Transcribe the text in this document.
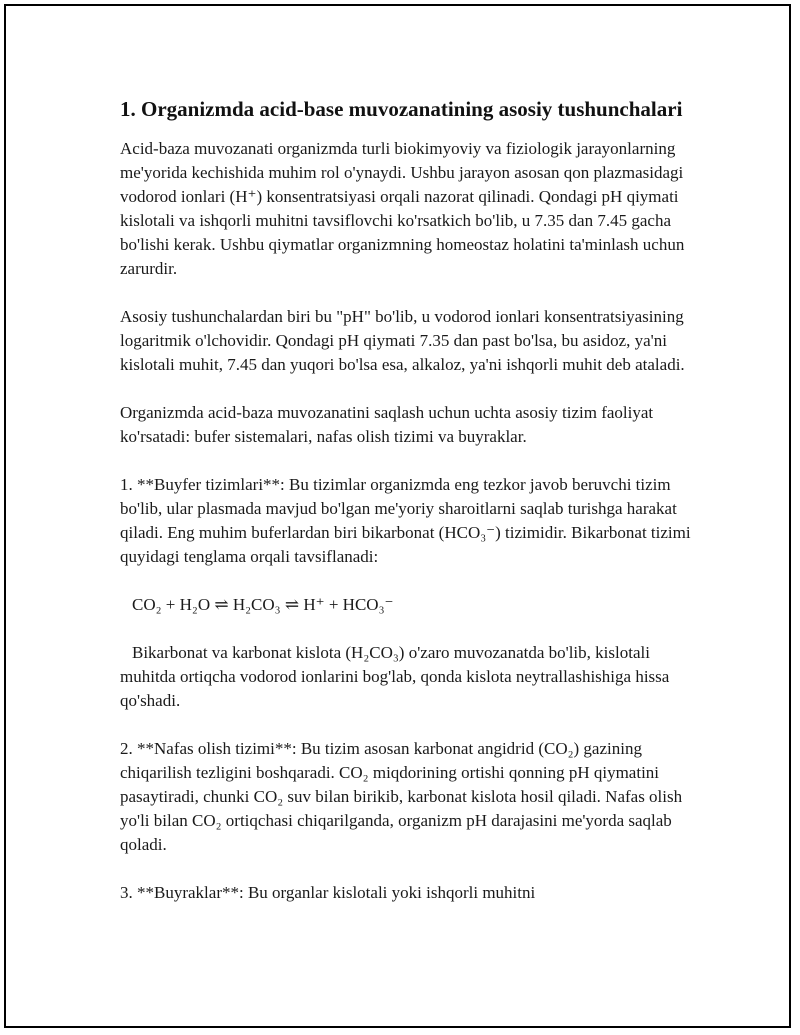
1. Organizmda acid-base muvozanatining asosiy tushunchalari

Acid-baza muvozanati organizmda turli biokimyoviy va fiziologik jarayonlarning me'yorida kechishida muhim rol o'ynaydi. Ushbu jarayon asosan qon plazmasidagi vodorod ionlari (H⁺) konsentratsiyasi orqali nazorat qilinadi. Qondagi pH qiymati kislotali va ishqorli muhitni tavsiflovchi ko'rsatkich bo'lib, u 7.35 dan 7.45 gacha bo'lishi kerak. Ushbu qiymatlar organizmning homeostaz holatini ta'minlash uchun zarurdir.

Asosiy tushunchalardan biri bu "pH" bo'lib, u vodorod ionlari konsentratsiyasining logaritmik o'lchovidir. Qondagi pH qiymati 7.35 dan past bo'lsa, bu asidoz, ya'ni kislotali muhit, 7.45 dan yuqori bo'lsa esa, alkaloz, ya'ni ishqorli muhit deb ataladi.

Organizmda acid-baza muvozanatini saqlash uchun uchta asosiy tizim faoliyat ko'rsatadi: bufer sistemalari, nafas olish tizimi va buyraklar.

1. **Buyfer tizimlari**: Bu tizimlar organizmda eng tezkor javob beruvchi tizim bo'lib, ular plasmada mavjud bo'lgan me'yoriy sharoitlarni saqlab turishga harakat qiladi. Eng muhim buferlardan biri bikarbonat (HCO₃⁻) tizimidir. Bikarbonat tizimi quyidagi tenglama orqali tavsiflanadi:

CO₂ + H₂O ⇌ H₂CO₃ ⇌ H⁺ + HCO₃⁻

Bikarbonat va karbonat kislota (H₂CO₃) o'zaro muvozanatda bo'lib, kislotali muhitda ortiqcha vodorod ionlarini bog'lab, qonda kislota neytrallashishiga hissa qo'shadi.

2. **Nafas olish tizimi**: Bu tizim asosan karbonat angidrid (CO₂) gazining chiqarilish tezligini boshqaradi. CO₂ miqdorining ortishi qonning pH qiymatini pasaytiradi, chunki CO₂ suv bilan birikib, karbonat kislota hosil qiladi. Nafas olish yo'li bilan CO₂ ortiqchasi chiqarilganda, organizm pH darajasini me'yorda saqlab qoladi.

3. **Buyraklar**: Bu organlar kislotali yoki ishqorli muhitni
